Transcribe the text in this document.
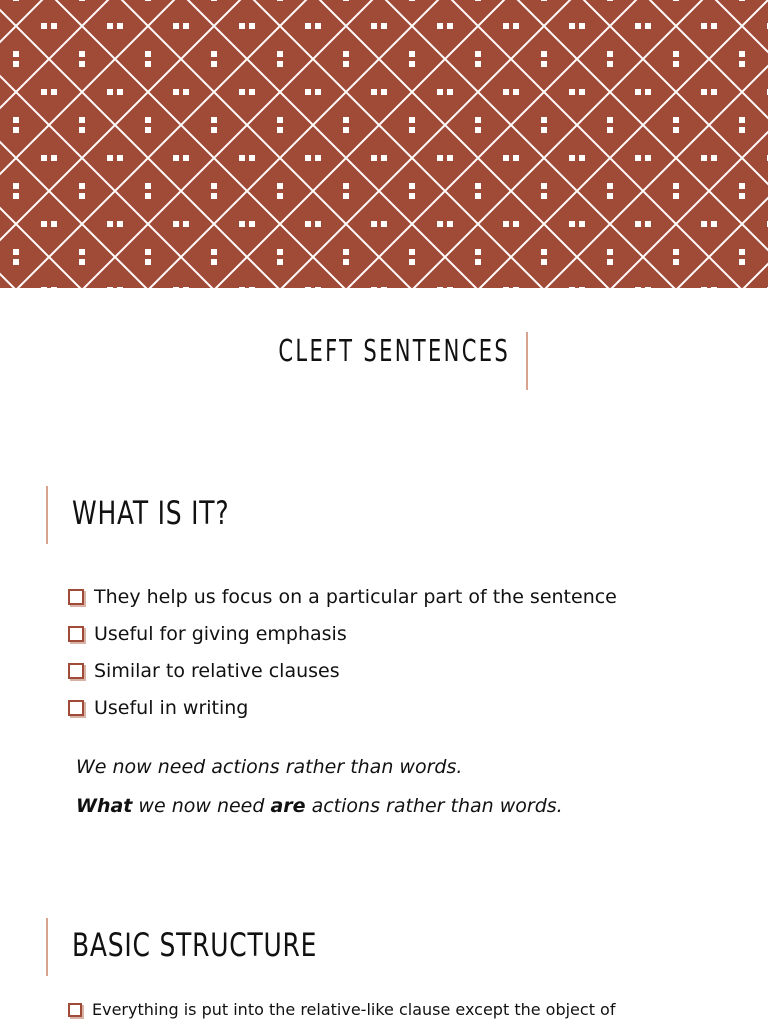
CLEFT SENTENCES
WHAT IS IT?
They help us focus on a particular part of the sentence
Useful for giving emphasis
Similar to relative clauses
Useful in writing
We now need actions rather than words.
What we now need are actions rather than words.
BASIC STRUCTURE
Everything is put into the relative-like clause except the object of
